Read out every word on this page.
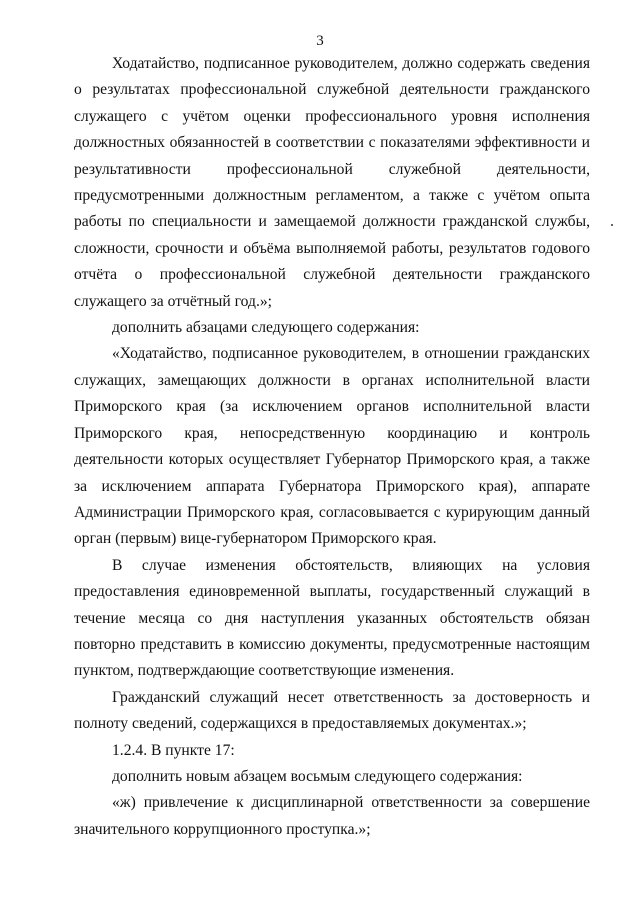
3

Ходатайство, подписанное руководителем, должно содержать сведения о результатах профессиональной служебной деятельности гражданского служащего с учётом оценки профессионального уровня исполнения должностных обязанностей в соответствии с показателями эффективности и результативности профессиональной служебной деятельности, предусмотренными должностным регламентом, а также с учётом опыта работы по специальности и замещаемой должности гражданской службы, сложности, срочности и объёма выполняемой работы, результатов годового отчёта о профессиональной служебной деятельности гражданского служащего за отчётный год.»;

дополнить абзацами следующего содержания:

«Ходатайство, подписанное руководителем, в отношении гражданских служащих, замещающих должности в органах исполнительной власти Приморского края (за исключением органов исполнительной власти Приморского края, непосредственную координацию и контроль деятельности которых осуществляет Губернатор Приморского края, а также за исключением аппарата Губернатора Приморского края), аппарате Администрации Приморского края, согласовывается с курирующим данный орган (первым) вице-губернатором Приморского края.

В случае изменения обстоятельств, влияющих на условия предоставления единовременной выплаты, государственный служащий в течение месяца со дня наступления указанных обстоятельств обязан повторно представить в комиссию документы, предусмотренные настоящим пунктом, подтверждающие соответствующие изменения.

Гражданский служащий несет ответственность за достоверность и полноту сведений, содержащихся в предоставляемых документах.»;

1.2.4. В пункте 17:

дополнить новым абзацем восьмым следующего содержания:

«ж) привлечение к дисциплинарной ответственности за совершение значительного коррупционного проступка.»;
